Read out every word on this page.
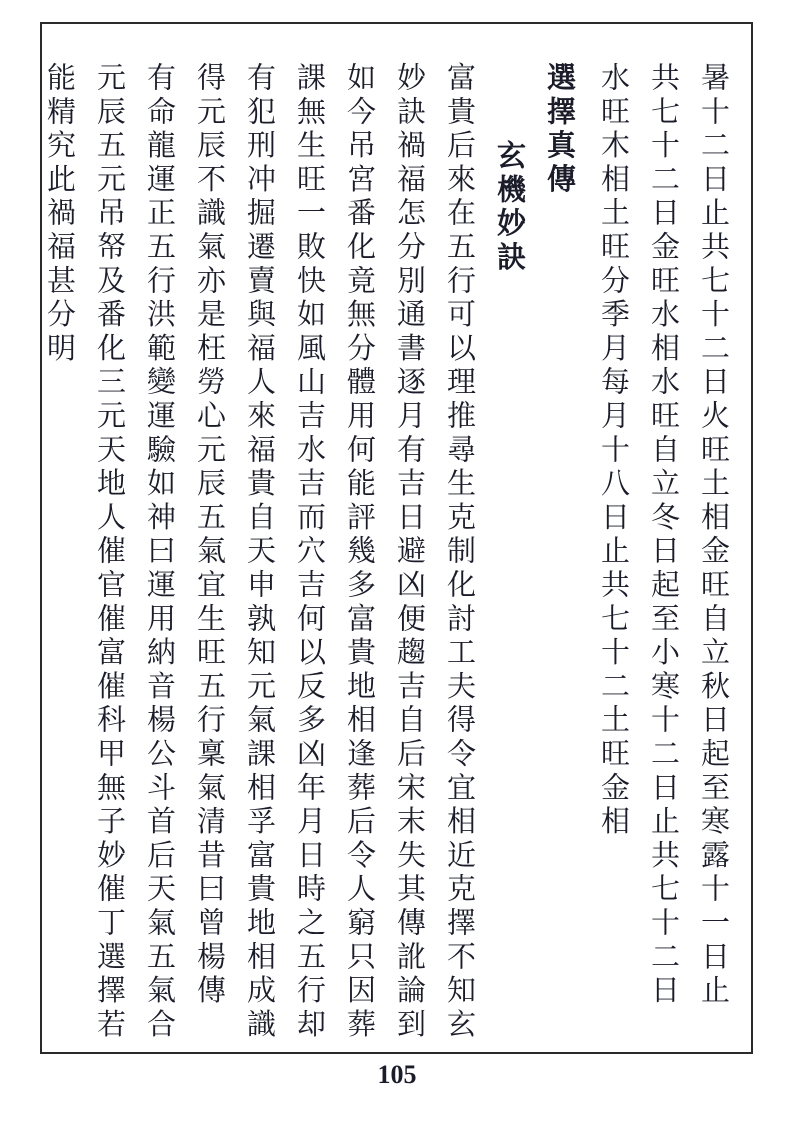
暑十二日止共七十二日火旺土相金旺自立秋日起至寒露十一日止
共七十二日金旺水相水旺自立冬日起至小寒十二日止共七十二日
水旺木相土旺分季月每月十八日止共七十二土旺金相
選擇真傳
玄機妙訣
富貴后來在五行可以理推尋生克制化討工夫得令宜相近克擇不知玄
妙訣禍福怎分別通書逐月有吉日避凶便趨吉自后宋末失其傳訛論到
如今吊宮番化竟無分體用何能評幾多富貴地相逢葬后令人窮只因葬
課無生旺一敗快如風山吉水吉而穴吉何以反多凶年月日時之五行却
有犯刑冲掘遷賣與福人來福貴自天申孰知元氣課相孚富貴地相成識
得元辰不識氣亦是枉勞心元辰五氣宜生旺五行稟氣清昔曰曾楊傳
有命龍運正五行洪範變運驗如神曰運用納音楊公斗首后天氣五氣合
元辰五元吊帑及番化三元天地人催官催富催科甲無子妙催丁選擇若
能精究此禍福甚分明
105
